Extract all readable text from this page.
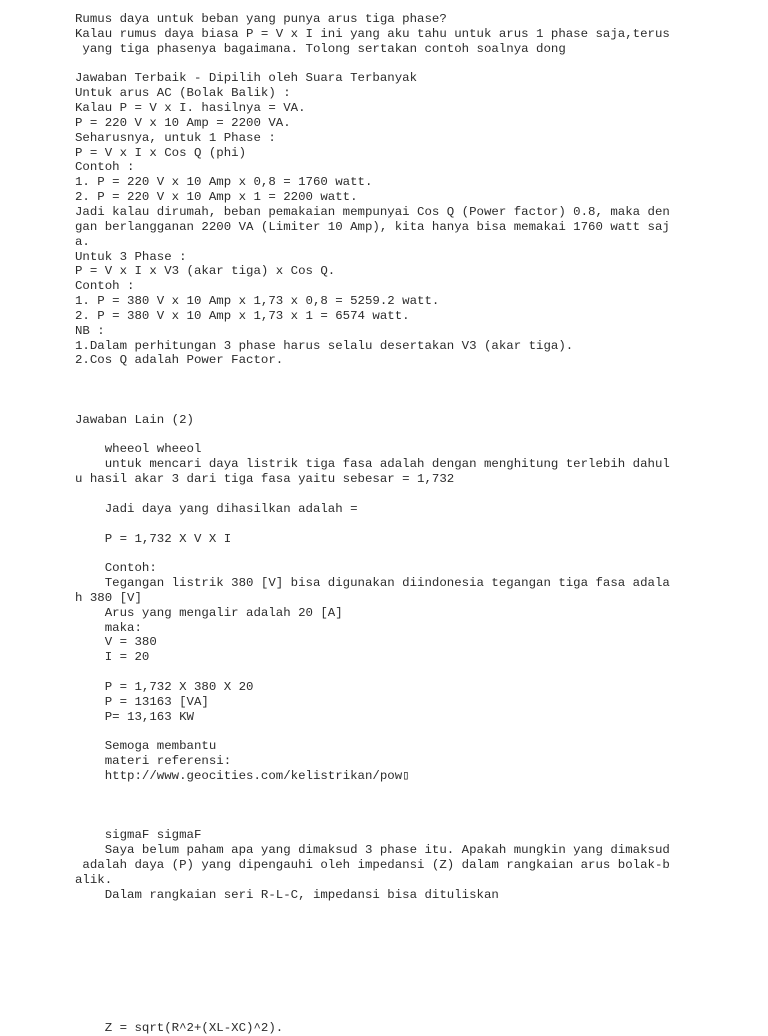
Rumus daya untuk beban yang punya arus tiga phase?
Kalau rumus daya biasa P = V x I ini yang aku tahu untuk arus 1 phase saja,terus
yang tiga phasenya bagaimana. Tolong sertakan contoh soalnya dong
Jawaban Terbaik - Dipilih oleh Suara Terbanyak
Untuk arus AC (Bolak Balik) :
Kalau P = V x I. hasilnya = VA.
P = 220 V x 10 Amp = 2200 VA.
Seharusnya, untuk 1 Phase :
P = V x I x Cos Q (phi)
Contoh :
1. P = 220 V x 10 Amp x 0,8 = 1760 watt.
2. P = 220 V x 10 Amp x 1 = 2200 watt.
Jadi kalau dirumah, beban pemakaian mempunyai Cos Q (Power factor) 0.8, maka den
gan berlangganan 2200 VA (Limiter 10 Amp), kita hanya bisa memakai 1760 watt saj
a.
Untuk 3 Phase :
P = V x I x V3 (akar tiga) x Cos Q.
Contoh :
1. P = 380 V x 10 Amp x 1,73 x 0,8 = 5259.2 watt.
2. P = 380 V x 10 Amp x 1,73 x 1 = 6574 watt.
NB :
1.Dalam perhitungan 3 phase harus selalu desertakan V3 (akar tiga).
2.Cos Q adalah Power Factor.
Jawaban Lain (2)
wheeol wheeol
untuk mencari daya listrik tiga fasa adalah dengan menghitung terlebih dahul
u hasil akar 3 dari tiga fasa yaitu sebesar = 1,732
Jadi daya yang dihasilkan adalah =
P = 1,732 X V X I
Contoh:
Tegangan listrik 380 [V] bisa digunakan diindonesia tegangan tiga fasa adala
h 380 [V]
Arus yang mengalir adalah 20 [A]
maka:
V = 380
I = 20
P = 1,732 X 380 X 20
P = 13163 [VA]
P= 13,163 KW
Semoga membantu
materi referensi:
http://www.geocities.com/kelistrikan/pow▯
sigmaF sigmaF
Saya belum paham apa yang dimaksud 3 phase itu. Apakah mungkin yang dimaksud
adalah daya (P) yang dipengauhi oleh impedansi (Z) dalam rangkaian arus bolak-b
alik.
Dalam rangkaian seri R-L-C, impedansi bisa dituliskan
Z = sqrt(R^2+(XL-XC)^2).
